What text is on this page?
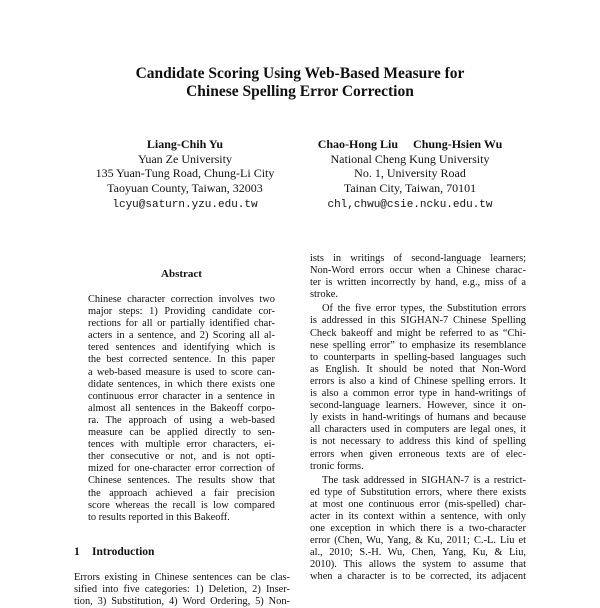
Candidate Scoring Using Web-Based Measure for
Chinese Spelling Error Correction
Liang-Chih Yu
Yuan Ze University
135 Yuan-Tung Road, Chung-Li City
Taoyuan County, Taiwan, 32003
lcyu@saturn.yzu.edu.tw
Chao-Hong Liu     Chung-Hsien Wu
National Cheng Kung University
No. 1, University Road
Tainan City, Taiwan, 70101
chl,chwu@csie.ncku.edu.tw
Abstract

Chinese character correction involves two

major steps: 1) Providing candidate cor-

rections for all or partially identified char-

acters in a sentence, and 2) Scoring all al-

tered sentences and identifying which is

the best corrected sentence. In this paper

a web-based measure is used to score can-

didate sentences, in which there exists one

continuous error character in a sentence in

almost all sentences in the Bakeoff corpo-

ra. The approach of using a web-based

measure can be applied directly to sen-

tences with multiple error characters, ei-

ther consecutive or not, and is not opti-

mized for one-character error correction of

Chinese sentences. The results show that

the approach achieved a fair precision

score whereas the recall is low compared

to results reported in this Bakeoff.

1 Introduction

Errors existing in Chinese sentences can be clas-

sified into five categories: 1) Deletion, 2) Inser-

tion, 3) Substitution, 4) Word Ordering, 5) Non-

ists in writings of second-language learners;

Non-Word errors occur when a Chinese charac-

ter is written incorrectly by hand, e.g., miss of a

stroke.

Of the five error types, the Substitution errors

is addressed in this SIGHAN-7 Chinese Spelling

Check bakeoff and might be referred to as “Chi-

nese spelling error” to emphasize its resemblance

to counterparts in spelling-based languages such

as English. It should be noted that Non-Word

errors is also a kind of Chinese spelling errors. It

is also a common error type in hand-writings of

second-language learners. However, since it on-

ly exists in hand-writings of humans and because

all characters used in computers are legal ones, it

is not necessary to address this kind of spelling

errors when given erroneous texts are of elec-

tronic forms.

The task addressed in SIGHAN-7 is a restrict-

ed type of Substitution errors, where there exists

at most one continuous error (mis-spelled) char-

acter in its context within a sentence, with only

one exception in which there is a two-character

error (Chen, Wu, Yang, & Ku, 2011; C.-L. Liu et

al., 2010; S.-H. Wu, Chen, Yang, Ku, & Liu,

2010). This allows the system to assume that

when a character is to be corrected, its adjacent
